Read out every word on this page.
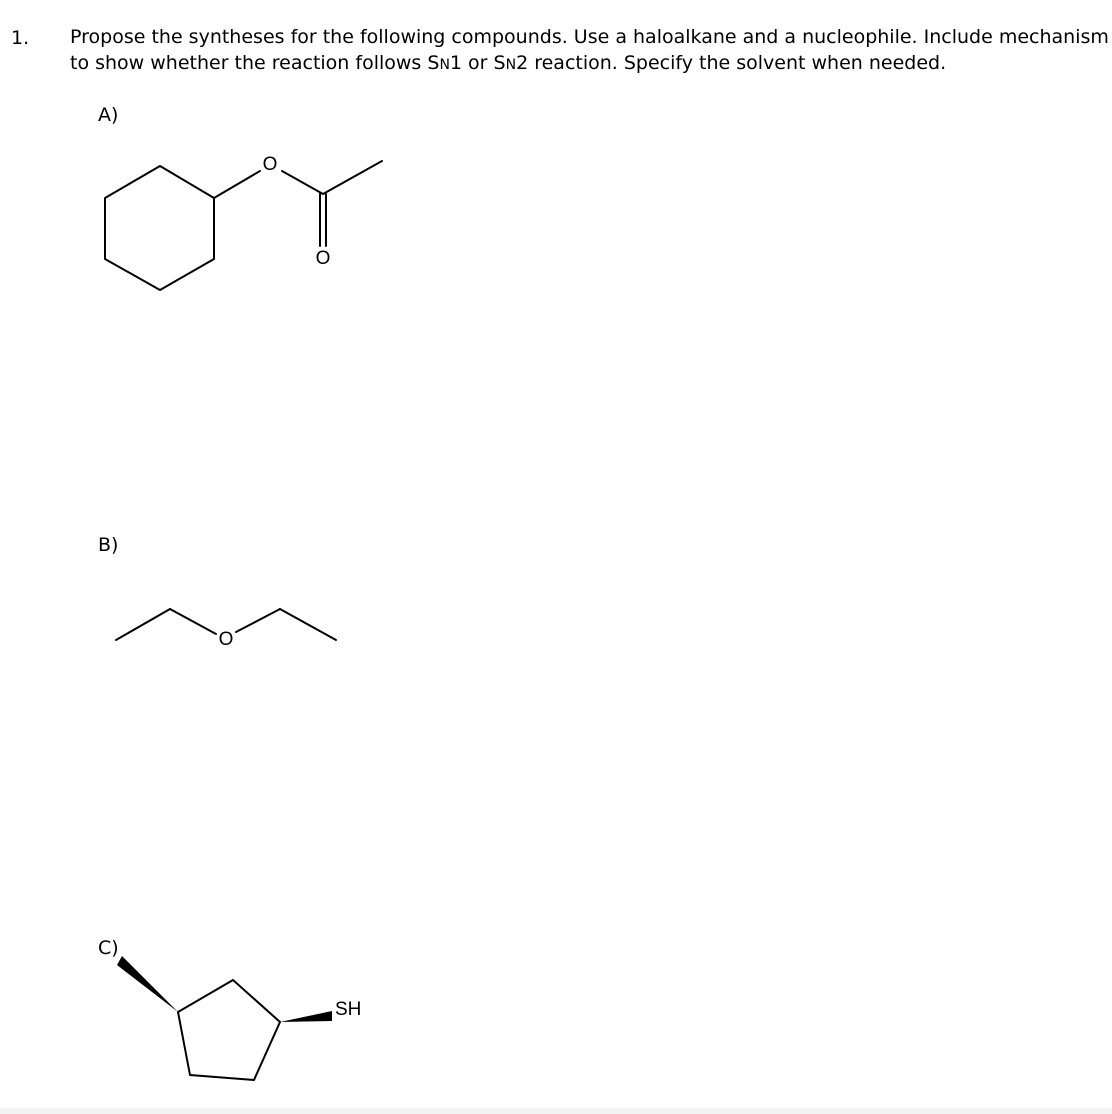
1. Propose the syntheses for the following compounds. Use a haloalkane and a nucleophile. Include mechanism
to show whether the reaction follows SN1 or SN2 reaction. Specify the solvent when needed.
A)
B)
C)
O
O
O
SH
